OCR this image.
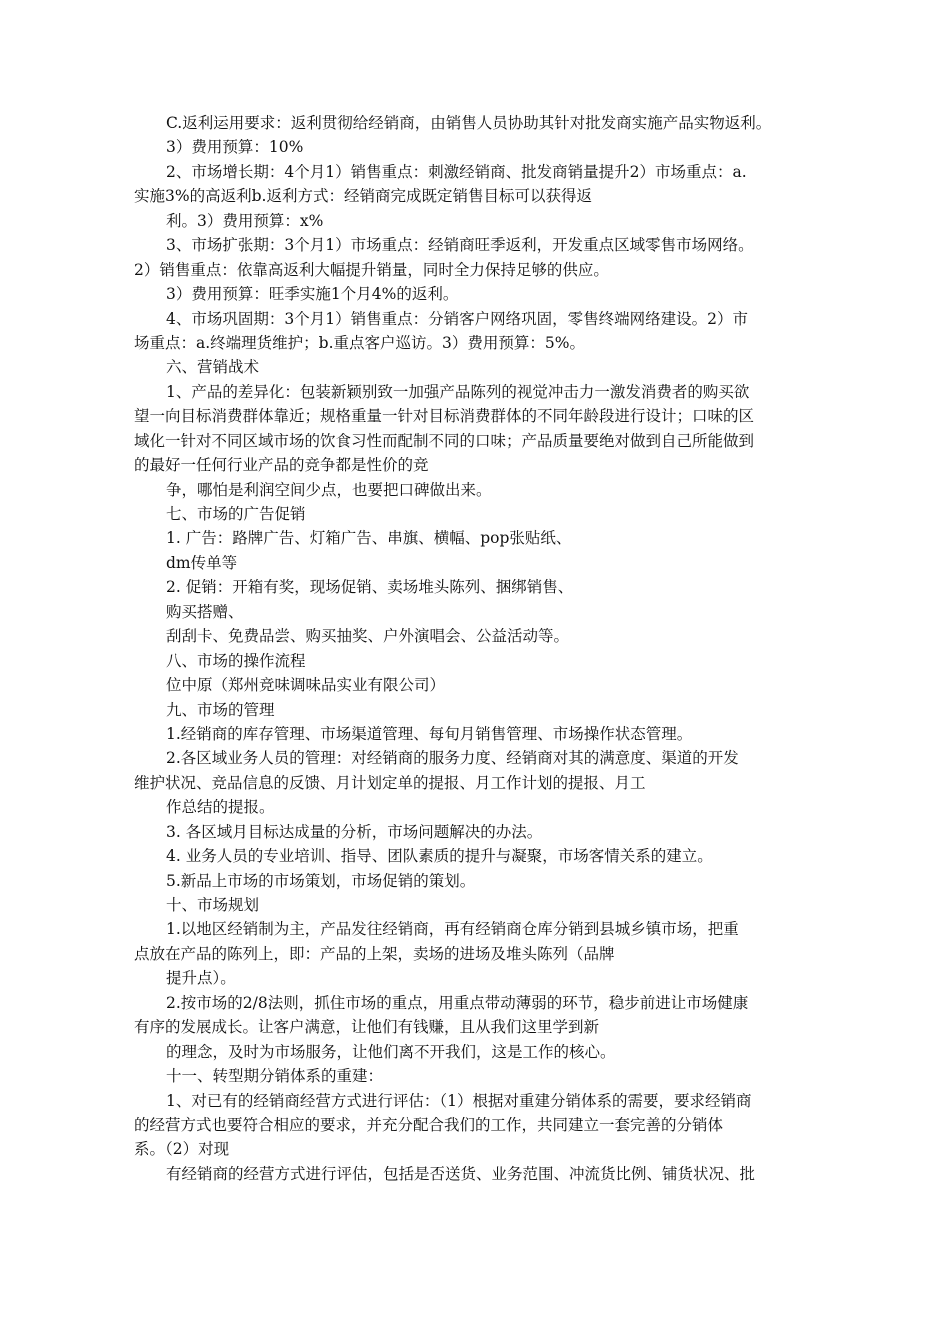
C.返利运用要求：返利贯彻给经销商，由销售人员协助其针对批发商实施产品实物返利。
3）费用预算：10%
2、市场增长期：4个月1）销售重点：刺激经销商、批发商销量提升2）市场重点：a.
实施3%的高返利b.返利方式：经销商完成既定销售目标可以获得返
利。3）费用预算：x%
3、市场扩张期：3个月1）市场重点：经销商旺季返利，开发重点区域零售市场网络。
2）销售重点：依靠高返利大幅提升销量，同时全力保持足够的供应。
3）费用预算：旺季实施1个月4%的返利。
4、市场巩固期：3个月1）销售重点：分销客户网络巩固，零售终端网络建设。2）市
场重点：a.终端理货维护；b.重点客户巡访。3）费用预算：5%。
六、营销战术
1、产品的差异化：包装新颖别致一加强产品陈列的视觉冲击力一激发消费者的购买欲
望一向目标消费群体靠近；规格重量一针对目标消费群体的不同年龄段进行设计；口味的区
域化一针对不同区域市场的饮食习性而配制不同的口味；产品质量要绝对做到自己所能做到
的最好一任何行业产品的竞争都是性价的竞
争，哪怕是利润空间少点，也要把口碑做出来。
七、市场的广告促销
1. 广告：路牌广告、灯箱广告、串旗、横幅、pop张贴纸、
dm传单等
2. 促销：开箱有奖，现场促销、卖场堆头陈列、捆绑销售、
购买搭赠、
刮刮卡、免费品尝、购买抽奖、户外演唱会、公益活动等。
八、市场的操作流程
位中原（郑州竞味调味品实业有限公司）
九、市场的管理
1.经销商的库存管理、市场渠道管理、每旬月销售管理、市场操作状态管理。
2.各区域业务人员的管理：对经销商的服务力度、经销商对其的满意度、渠道的开发
维护状况、竞品信息的反馈、月计划定单的提报、月工作计划的提报、月工
作总结的提报。
3. 各区域月目标达成量的分析，市场问题解决的办法。
4. 业务人员的专业培训、指导、团队素质的提升与凝聚，市场客情关系的建立。
5.新品上市场的市场策划，市场促销的策划。
十、市场规划
1.以地区经销制为主，产品发往经销商，再有经销商仓库分销到县城乡镇市场，把重
点放在产品的陈列上，即：产品的上架，卖场的进场及堆头陈列（品牌
提升点）。
2.按市场的2/8法则，抓住市场的重点，用重点带动薄弱的环节，稳步前进让市场健康
有序的发展成长。让客户满意，让他们有钱赚，且从我们这里学到新
的理念，及时为市场服务，让他们离不开我们，这是工作的核心。
十一、转型期分销体系的重建：
1、对已有的经销商经营方式进行评估：（1）根据对重建分销体系的需要，要求经销商
的经营方式也要符合相应的要求，并充分配合我们的工作，共同建立一套完善的分销体
系。（2）对现
有经销商的经营方式进行评估，包括是否送货、业务范围、冲流货比例、铺货状况、批
